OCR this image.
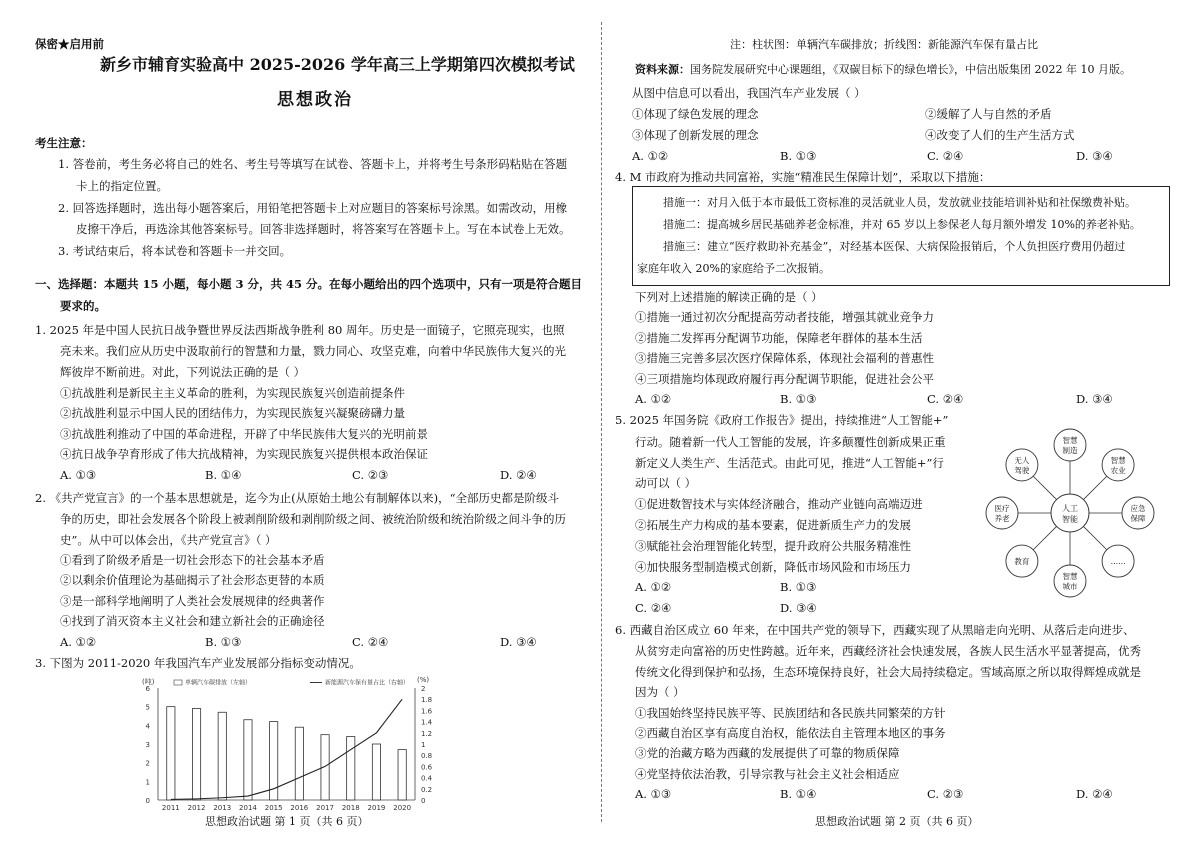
保密★启用前
新乡市辅育实验高中 2025-2026 学年高三上学期第四次模拟考试
思想政治
考生注意：
1. 答卷前，考生务必将自己的姓名、考生号等填写在试卷、答题卡上，并将考生号条形码粘贴在答题
卡上的指定位置。
2. 回答选择题时，选出每小题答案后，用铅笔把答题卡上对应题目的答案标号涂黑。如需改动，用橡
皮擦干净后，再选涂其他答案标号。回答非选择题时，将答案写在答题卡上。写在本试卷上无效。
3. 考试结束后，将本试卷和答题卡一并交回。
一、选择题：本题共 15 小题，每小题 3 分，共 45 分。在每小题给出的四个选项中，只有一项是符合题目
要求的。
1. 2025 年是中国人民抗日战争暨世界反法西斯战争胜利 80 周年。历史是一面镜子，它照亮现实，也照
亮未来。我们应从历史中汲取前行的智慧和力量，戮力同心、攻坚克难，向着中华民族伟大复兴的光
辉彼岸不断前进。对此，下列说法正确的是（ ）
①抗战胜利是新民主主义革命的胜利，为实现民族复兴创造前提条件
②抗战胜利显示中国人民的团结伟力，为实现民族复兴凝聚磅礴力量
③抗战胜利推动了中国的革命进程，开辟了中华民族伟大复兴的光明前景
④抗日战争孕育形成了伟大抗战精神，为实现民族复兴提供根本政治保证
A. ①③	B. ①④	C. ②③	D. ②④
2. 《共产党宣言》的一个基本思想就是，迄今为止(从原始土地公有制解体以来)，“全部历史都是阶级斗
争的历史，即社会发展各个阶段上被剥削阶级和剥削阶级之间、被统治阶级和统治阶级之间斗争的历
史”。从中可以体会出，《共产党宣言》（ ）
①看到了阶级矛盾是一切社会形态下的社会基本矛盾
②以剩余价值理论为基础揭示了社会形态更替的本质
③是一部科学地阐明了人类社会发展规律的经典著作
④找到了消灭资本主义社会和建立新社会的正确途径
A. ①②	B. ①③	C. ②④	D. ③④
3. 下图为 2011-2020 年我国汽车产业发展部分指标变动情况。
0
1
2
3
4
5
6
0
0.2
0.4
0.6
0.8
1
1.2
1.4
1.6
1.8
2
(吨)	(%)
单辆汽车碳排放（左轴）	新能源汽车保有量占比（右轴）
2011 2012 2013 2014 2015 2016 2017 2018 2019 2020
思想政治试题 第 1 页（共 6 页）
注：柱状图：单辆汽车碳排放；折线图：新能源汽车保有量占比
资料来源：国务院发展研究中心课题组，《双碳目标下的绿色增长》，中信出版集团 2022 年 10 月版。
从图中信息可以看出，我国汽车产业发展（ ）
①体现了绿色发展的理念	②缓解了人与自然的矛盾
③体现了创新发展的理念	④改变了人们的生产生活方式
A. ①②	B. ①③	C. ②④	D. ③④
4. M 市政府为推动共同富裕，实施“精准民生保障计划”，采取以下措施：
措施一：对月入低于本市最低工资标准的灵活就业人员，发放就业技能培训补贴和社保缴费补贴。
措施二：提高城乡居民基础养老金标准，并对 65 岁以上参保老人每月额外增发 10%的养老补贴。
措施三：建立“医疗救助补充基金”，对经基本医保、大病保险报销后，个人负担医疗费用仍超过
家庭年收入 20%的家庭给予二次报销。
下列对上述措施的解读正确的是（ ）
①措施一通过初次分配提高劳动者技能，增强其就业竞争力
②措施二发挥再分配调节功能，保障老年群体的基本生活
③措施三完善多层次医疗保障体系，体现社会福利的普惠性
④三项措施均体现政府履行再分配调节职能，促进社会公平
A. ①②	B. ①③	C. ②④	D. ③④
5. 2025 年国务院《政府工作报告》提出，持续推进“人工智能+”
行动。随着新一代人工智能的发展，许多颠覆性创新成果正重
新定义人类生产、生活范式。由此可见，推进“人工智能+”行
动可以（ ）
①促进数智技术与实体经济融合，推动产业链向高端迈进
②拓展生产力构成的基本要素，促进新质生产力的发展
③赋能社会治理智能化转型，提升政府公共服务精准性
④加快服务型制造模式创新，降低市场风险和市场压力
A. ①②	B. ①③
C. ②④	D. ③④
智慧
制造
智慧
农业
应急
保障
……
智慧
城市
教育
医疗
养老
无人
驾驶
人工
智能
6. 西藏自治区成立 60 年来，在中国共产党的领导下，西藏实现了从黑暗走向光明、从落后走向进步、
从贫穷走向富裕的历史性跨越。近年来，西藏经济社会快速发展，各族人民生活水平显著提高，优秀
传统文化得到保护和弘扬，生态环境保持良好，社会大局持续稳定。雪域高原之所以取得辉煌成就是
因为（ ）
①我国始终坚持民族平等、民族团结和各民族共同繁荣的方针
②西藏自治区享有高度自治权，能依法自主管理本地区的事务
③党的治藏方略为西藏的发展提供了可靠的物质保障
④党坚持依法治教，引导宗教与社会主义社会相适应
A. ①③	B. ①④	C. ②③	D. ②④
思想政治试题 第 2 页（共 6 页）
